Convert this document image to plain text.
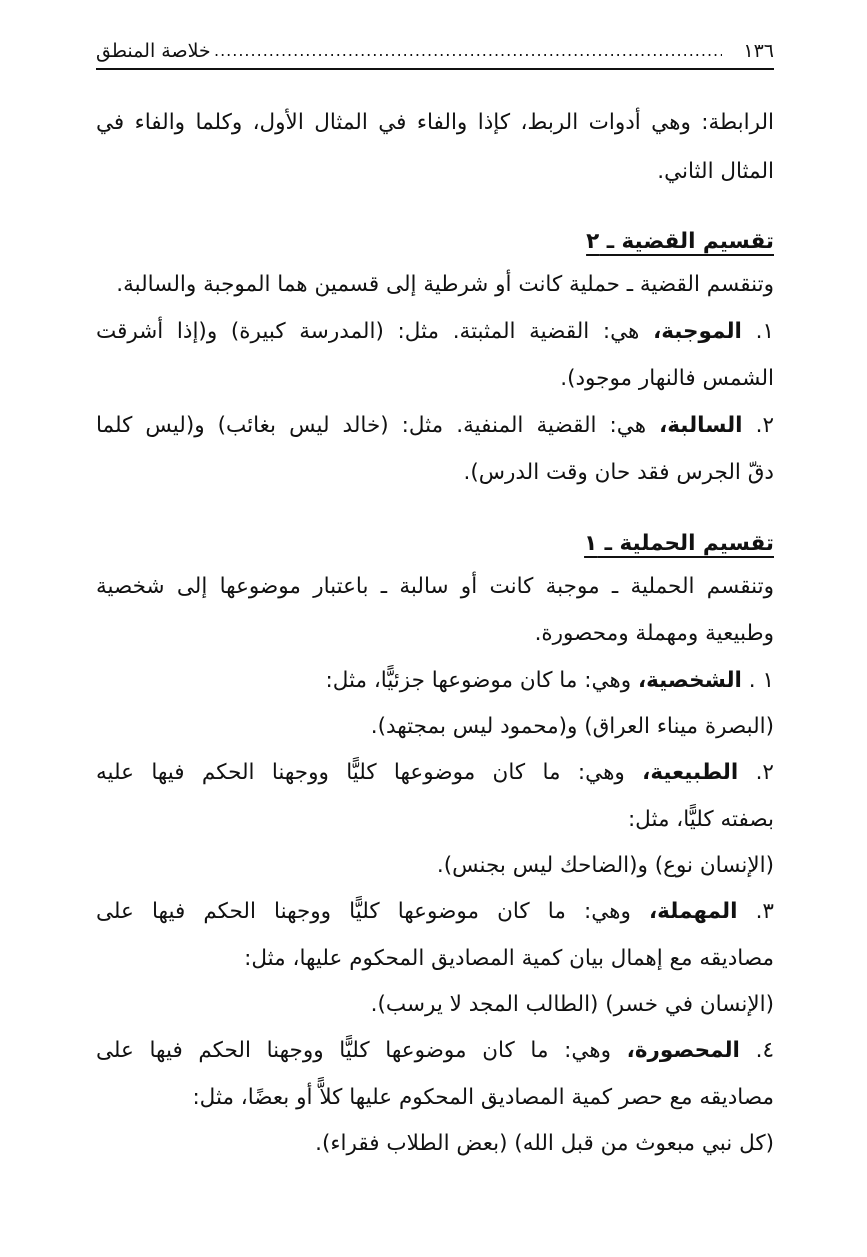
١٣٦
.....
خلاصة المنطق
الرابطة: وهي أدوات الربط، كإذا والفاء في المثال الأول، وكلما والفاء في
المثال الثاني.
تقسيم القضية ـ ٢
وتنقسم القضية ـ حملية كانت أو شرطية إلى قسمين هما الموجبة والسالبة.
١. الموجبة، هي: القضية المثبتة. مثل: (المدرسة كبيرة) و(إذا أشرقت
الشمس فالنهار موجود).
٢. السالبة، هي: القضية المنفية. مثل: (خالد ليس بغائب) و(ليس كلما
دقّ الجرس فقد حان وقت الدرس).
تقسيم الحملية ـ ١
وتنقسم الحملية ـ موجبة كانت أو سالبة ـ باعتبار موضوعها إلى شخصية
وطبيعية ومهملة ومحصورة.
١ . الشخصية، وهي: ما كان موضوعها جزئيًّا، مثل:
(البصرة ميناء العراق) و(محمود ليس بمجتهد).
٢. الطبيعية، وهي: ما كان موضوعها كليًّا ووجهنا الحكم فيها عليه
بصفته كليًّا، مثل:
(الإنسان نوع) و(الضاحك ليس بجنس).
٣. المهملة، وهي: ما كان موضوعها كليًّا ووجهنا الحكم فيها على
مصاديقه مع إهمال بيان كمية المصاديق المحكوم عليها، مثل:
(الإنسان في خسر) (الطالب المجد لا يرسب).
٤. المحصورة، وهي: ما كان موضوعها كليًّا ووجهنا الحكم فيها على
مصاديقه مع حصر كمية المصاديق المحكوم عليها كلاًّ أو بعضًا، مثل:
(كل نبي مبعوث من قبل الله) (بعض الطلاب فقراء).
